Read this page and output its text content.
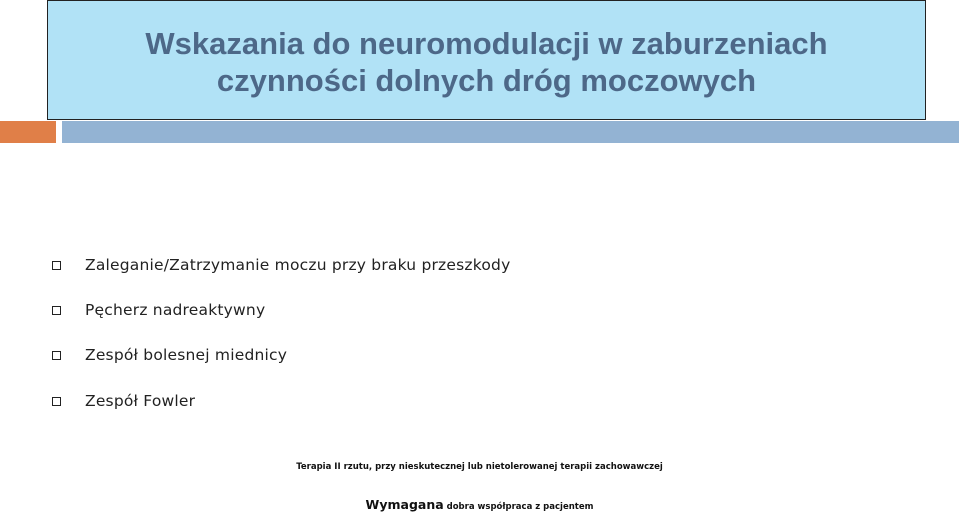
Wskazania do neuromodulacji w zaburzeniach
czynności dolnych dróg moczowych
Zaleganie/Zatrzymanie moczu przy braku przeszkody
Pęcherz nadreaktywny
Zespół bolesnej miednicy
Zespół Fowler
Terapia II rzutu, przy nieskutecznej lub nietolerowanej terapii zachowawczej
Wymagana dobra współpraca z pacjentem
